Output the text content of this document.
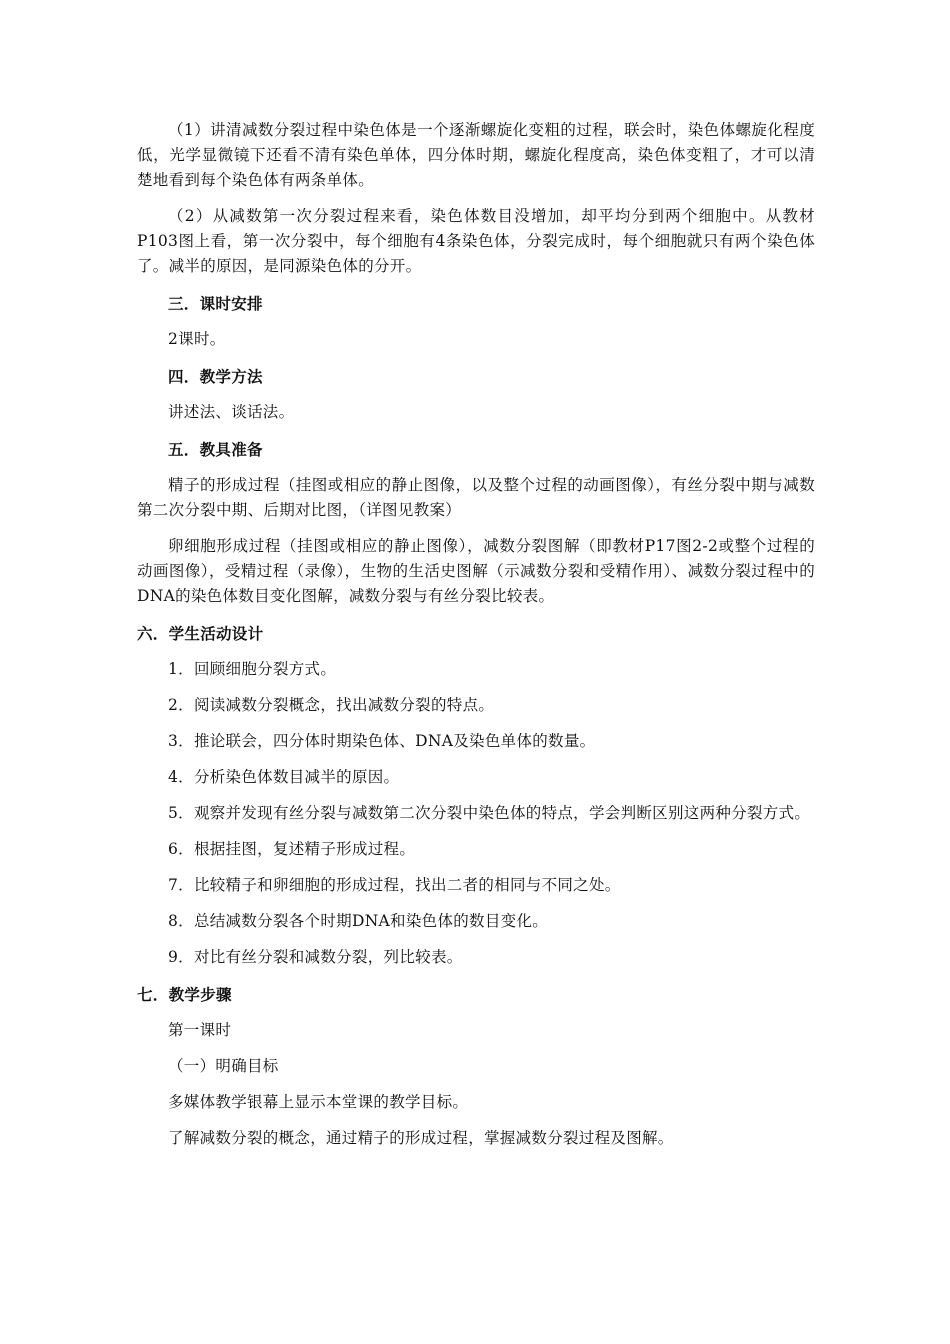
（1）讲清减数分裂过程中染色体是一个逐渐螺旋化变粗的过程，联会时，染色体螺旋化程度低，光学显微镜下还看不清有染色单体，四分体时期，螺旋化程度高，染色体变粗了，才可以清楚地看到每个染色体有两条单体。

（2）从减数第一次分裂过程来看，染色体数目没增加，却平均分到两个细胞中。从教材P103图上看，第一次分裂中，每个细胞有4条染色体，分裂完成时，每个细胞就只有两个染色体了。减半的原因，是同源染色体的分开。

三．课时安排

2课时。

四．教学方法

讲述法、谈话法。

五．教具准备

精子的形成过程（挂图或相应的静止图像，以及整个过程的动画图像），有丝分裂中期与减数第二次分裂中期、后期对比图，（详图见教案）

卵细胞形成过程（挂图或相应的静止图像），减数分裂图解（即教材P17图2-2或整个过程的动画图像），受精过程（录像），生物的生活史图解（示减数分裂和受精作用）、减数分裂过程中的DNA的染色体数目变化图解，减数分裂与有丝分裂比较表。

六．学生活动设计

1．回顾细胞分裂方式。

2．阅读减数分裂概念，找出减数分裂的特点。

3．推论联会，四分体时期染色体、DNA及染色单体的数量。

4．分析染色体数目减半的原因。

5．观察并发现有丝分裂与减数第二次分裂中染色体的特点，学会判断区别这两种分裂方式。

6．根据挂图，复述精子形成过程。

7．比较精子和卵细胞的形成过程，找出二者的相同与不同之处。

8．总结减数分裂各个时期DNA和染色体的数目变化。

9．对比有丝分裂和减数分裂，列比较表。

七．教学步骤

第一课时

（一）明确目标

多媒体教学银幕上显示本堂课的教学目标。

了解减数分裂的概念，通过精子的形成过程，掌握减数分裂过程及图解。
